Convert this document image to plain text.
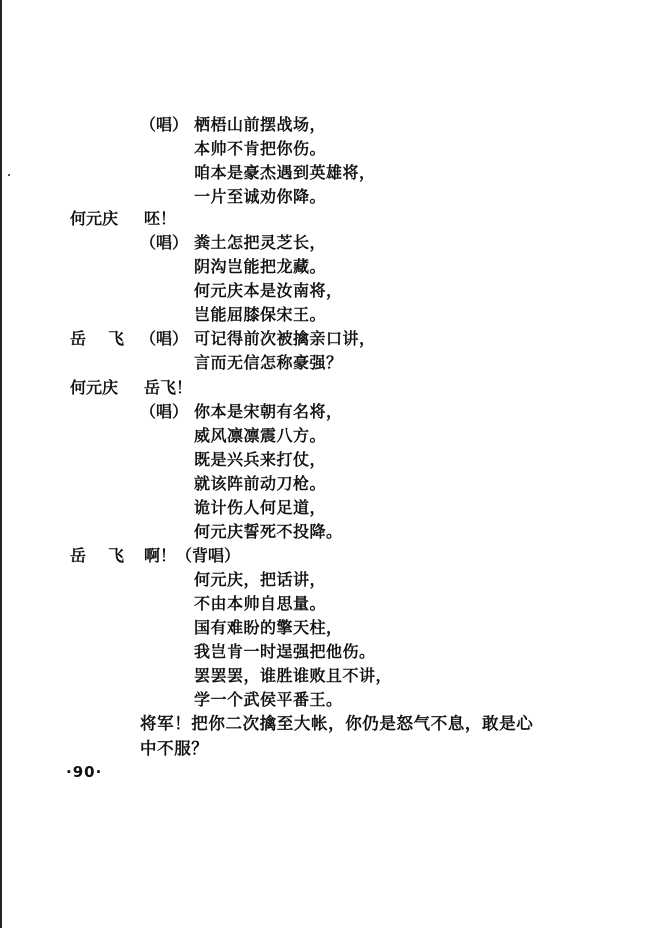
（唱） 栖梧山前摆战场，
本帅不肯把你伤。
咱本是豪杰遇到英雄将，
一片至诚劝你降。
何元庆 呸！
（唱） 粪土怎把灵芝长，
阴沟岂能把龙藏。
何元庆本是汝南将，
岂能屈膝保宋王。
岳飞
（唱） 可记得前次被擒亲口讲，
言而无信怎称豪强？
何元庆 岳飞！
（唱） 你本是宋朝有名将，
威风凛凛震八方。
既是兴兵来打仗，
就该阵前动刀枪。
诡计伤人何足道，
何元庆誓死不投降。
岳飞
啊！（背唱）
何元庆，把话讲，
不由本帅自思量。
国有难盼的擎天柱，
我岂肯一时逞强把他伤。
罢罢罢，谁胜谁败且不讲，
学一个武侯平番王。
将军！把你二次擒至大帐，你仍是怒气不息，敢是心
中不服？
·90·
